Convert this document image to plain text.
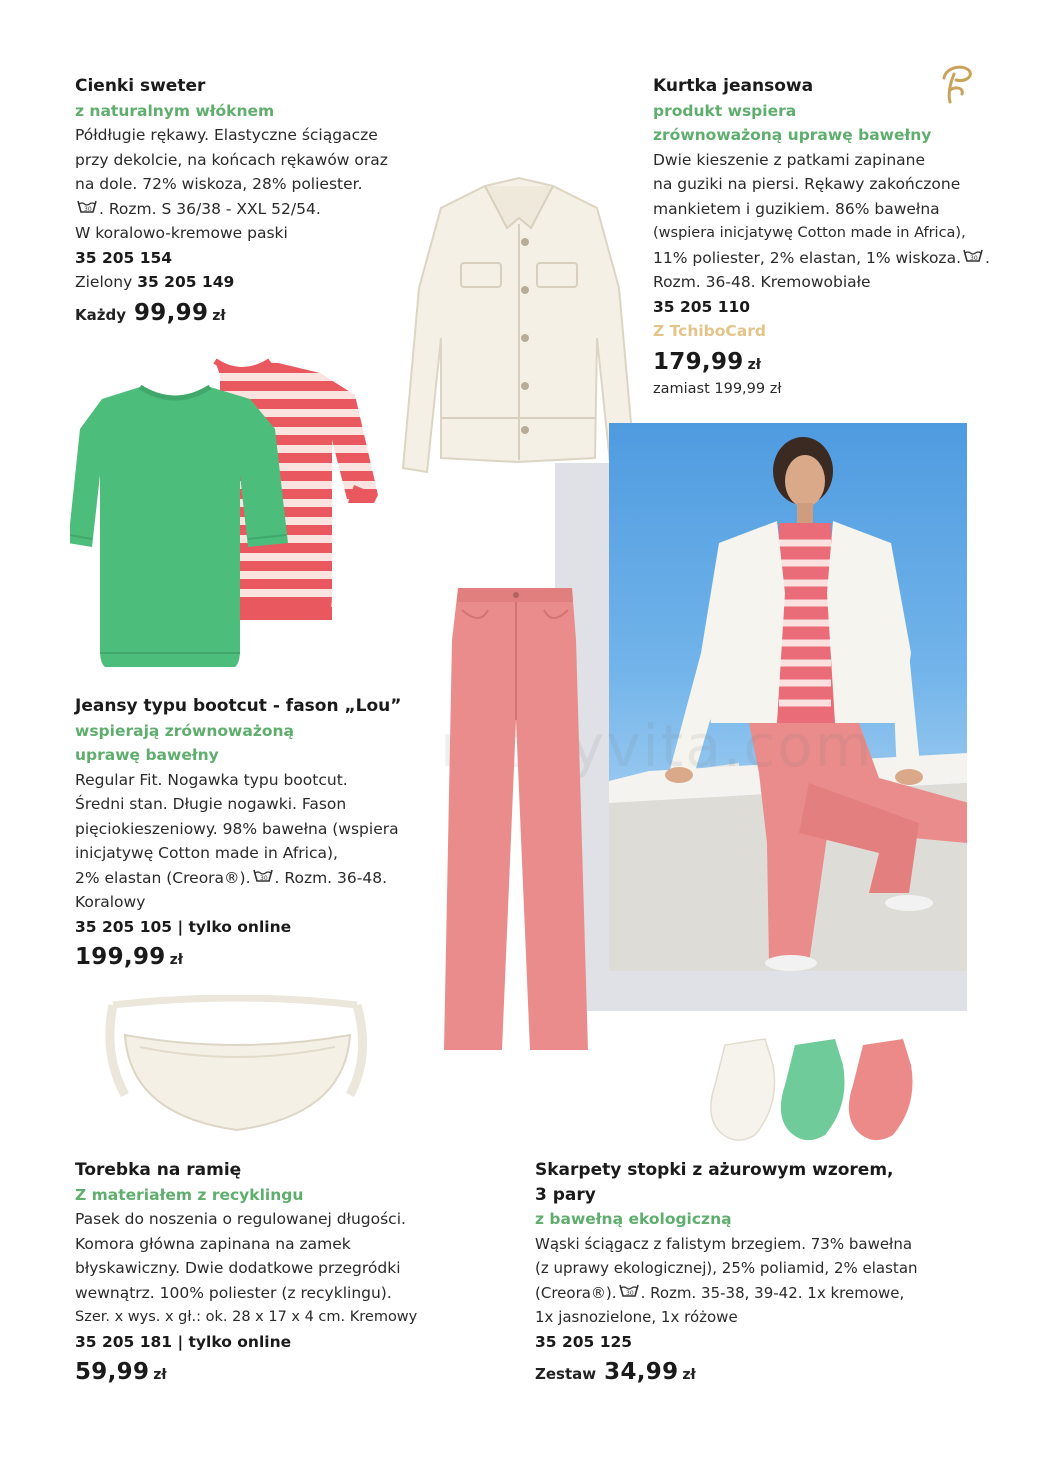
Cienki sweter
z naturalnym włóknem
Półdługie rękawy. Elastyczne ściągacze
przy dekolcie, na końcach rękawów oraz
na dole. 72% wiskoza, 28% poliester.
30 . Rozm. S 36/38 - XXL 52/54.
W koralowo-kremowe paski
35 205 154
Zielony 35 205 149
Każdy 99,99 zł
Kurtka jeansowa
produkt wspiera
zrównoważoną uprawę bawełny
Dwie kieszenie z patkami zapinane
na guziki na piersi. Rękawy zakończone
mankietem i guzikiem. 86% bawełna
(wspiera inicjatywę Cotton made in Africa),
11% poliester, 2% elastan, 1% wiskoza. 30 .
Rozm. 36-48. Kremowobiałe
35 205 110
Z TchiboCard
179,99 zł
zamiast 199,99 zł
mocyvita.com
Jeansy typu bootcut - fason „Lou”
wspierają zrównoważoną
uprawę bawełny
Regular Fit. Nogawka typu bootcut.
Średni stan. Długie nogawki. Fason
pięciokieszeniowy. 98% bawełna (wspiera
inicjatywę Cotton made in Africa),
2% elastan (Creora®). 30 . Rozm. 36-48.
Koralowy
35 205 105 | tylko online
199,99 zł
Torebka na ramię
Z materiałem z recyklingu
Pasek do noszenia o regulowanej długości.
Komora główna zapinana na zamek
błyskawiczny. Dwie dodatkowe przegródki
wewnątrz. 100% poliester (z recyklingu).
Szer. x wys. x gł.: ok. 28 x 17 x 4 cm. Kremowy
35 205 181 | tylko online
59,99 zł
Skarpety stopki z ażurowym wzorem,
3 pary
z bawełną ekologiczną
Wąski ściągacz z falistym brzegiem. 73% bawełna
(z uprawy ekologicznej), 25% poliamid, 2% elastan
(Creora®). 30 . Rozm. 35-38, 39-42. 1x kremowe,
1x jasnozielone, 1x różowe
35 205 125
Zestaw 34,99 zł
